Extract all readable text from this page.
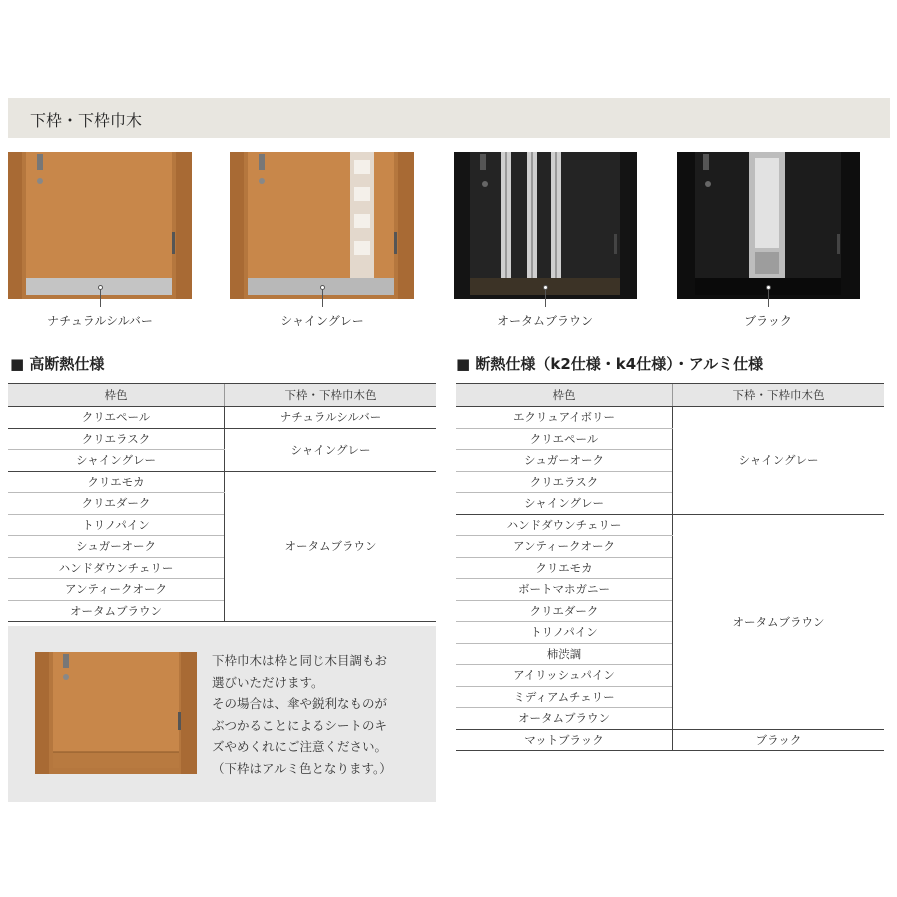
下枠・下枠巾木
ナチュラルシルバー	シャイングレー	オータムブラウン	ブラック
■ 高断熱仕様	■ 断熱仕様（k2仕様・k4仕様）・アルミ仕様
枠色	下枠・下枠巾木色
クリエペール	ナチュラルシルバー
クリエラスク	シャイングレー
シャイングレー	
クリエモカ	オータムブラウン
クリエダーク	
トリノパイン	
シュガーオーク	
ハンドダウンチェリー	
アンティークオーク	
オータムブラウン	
枠色	下枠・下枠巾木色
エクリュアイボリー	シャイングレー
クリエペール	
シュガーオーク	
クリエラスク	
シャイングレー	
ハンドダウンチェリー	オータムブラウン
アンティークオーク	
クリエモカ	
ボートマホガニー	
クリエダーク	
トリノパイン	
柿渋調	
アイリッシュパイン	
ミディアムチェリー	
オータムブラウン	
マットブラック	ブラック
下枠巾木は枠と同じ木目調もお
選びいただけます。
その場合は、傘や鋭利なものが
ぶつかることによるシートのキ
ズやめくれにご注意ください。
（下枠はアルミ色となります。）
